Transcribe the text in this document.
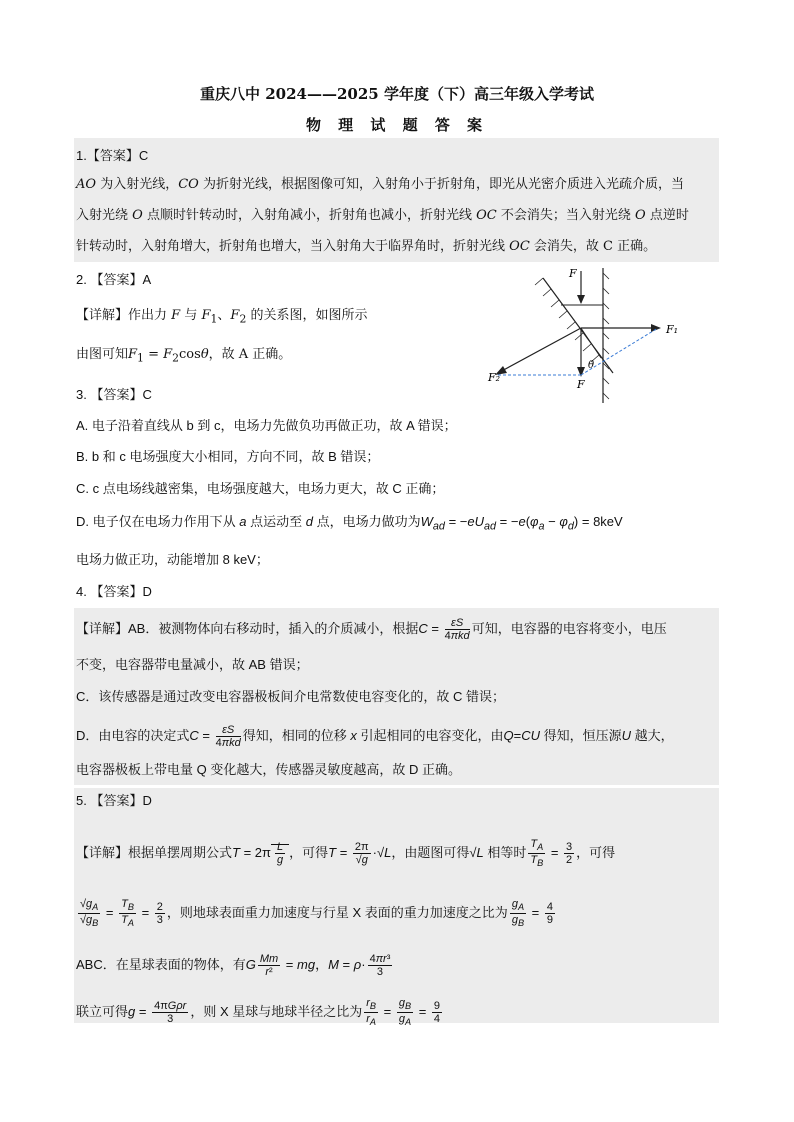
重庆八中 2024——2025 学年度（下）高三年级入学考试
物 理 试 题 答 案
1.【答案】C
AO 为入射光线，CO 为折射光线，根据图像可知，入射角小于折射角，即光从光密介质进入光疏介质，当
入射光绕 O 点顺时针转动时，入射角减小，折射角也减小，折射光线 OC 不会消失；当入射光绕 O 点逆时
针转动时，入射角增大，折射角也增大，当入射角大于临界角时，折射光线 OC 会消失，故 C 正确。
2. 【答案】A
【详解】作出力 F 与 $F_1$、$F_2$ 的关系图，如图所示
由图可知$F_1 = F_2\cos\theta$，故 A 正确。
F
F₁
F₂
F
θ
3. 【答案】C
A. 电子沿着直线从 b 到 c，电场力先做负功再做正功，故 A 错误；
B. b 和 c 电场强度大小相同，方向不同，故 B 错误；
C. c 点电场线越密集，电场强度越大，电场力更大，故 C 正确；
D. 电子仅在电场力作用下从 a 点运动至 d 点，电场力做功为$W_{ad} = -eU_{ad} = -e(\varphi_a - \varphi_d) = 8keV$
电场力做正功，动能增加 8 keV；
4. 【答案】D
【详解】AB．被测物体向右移动时，插入的介质减小，根据$C = \frac{\varepsilon S}{\text{4πkd}}$ 可知，电容器的电容将变小，电压
不变，电容器带电量减小，故 AB 错误；
C．该传感器是通过改变电容器极板间介电常数使电容变化的，故 C 错误；
D．由电容的决定式$C = \frac{\varepsilon S}{\text{4πkd}}$ 得知，相同的位移 x 引起相同的电容变化，由Q=CU 得知，恒压源U 越大，
电容器极板上带电量 Q 变化越大，传感器灵敏度越高，故 D 正确。
5. 【答案】D
【详解】根据单摆周期公式$T = 2\pi \frac{L}{g}$ ，可得$T = \frac{2\pi}{√g} \cdot√L$，由题图可得√L 相等时 $\frac{T_A}{T_B} = \frac{3}{2}$ ，可得
$\frac{√g_A}{√g_B} = \frac{T_B}{T_A} = \frac{2}{3}$ ，则地球表面重力加速度与行星 X 表面的重力加速度之比为 $\frac{g_A}{g_B} = \frac{4}{9}$
ABC．在星球表面的物体，有G $\frac{Mm}{\text{r²}}$ = mg，$M = \rho\cdot \frac{\text{4πr³}}{3}$
联立可得$g = \frac{\text{4πGρr}}{3}$ ，则 X 星球与地球半径之比为 $\frac{r_B}{r_A} = \frac{g_B}{g_A} = \frac{9}{4}$
